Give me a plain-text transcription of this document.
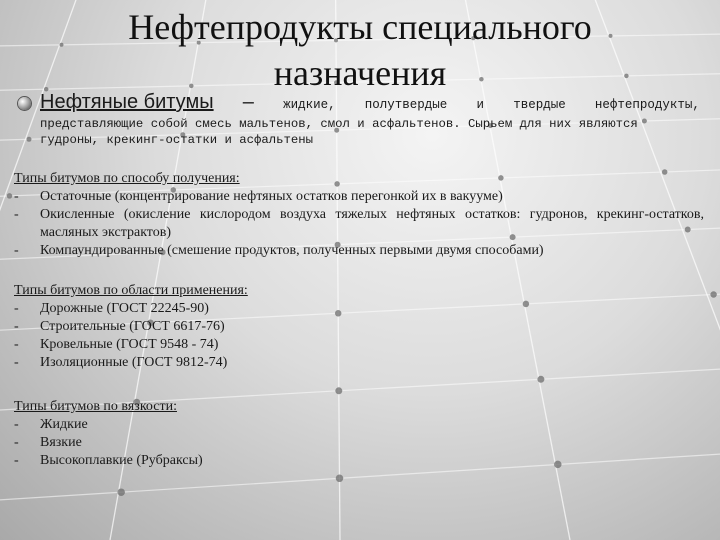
Нефтепродукты специального
назначения
Нефтяные битумы – жидкие, полутвердые и твердые нефтепродукты,
представляющие собой смесь мальтенов, смол и асфальтенов. Сырьем для них являются
гудроны, крекинг-остатки и асфальтены
Типы битумов по способу получения:
-	Остаточные (концентрирование нефтяных остатков перегонкой их в вакууме)
-	Окисленные (окисление кислородом воздуха тяжелых нефтяных остатков: гудронов, крекинг-остатков, масляных экстрактов)
-	Компаундированные (смешение продуктов, полученных первыми двумя способами)
Типы битумов по области применения:
-	Дорожные (ГОСТ 22245-90)
-	Строительные (ГОСТ 6617-76)
-	Кровельные (ГОСТ 9548 - 74)
-	Изоляционные (ГОСТ 9812-74)
Типы битумов по вязкости:
-	Жидкие
-	Вязкие
-	Высокоплавкие (Рубраксы)
